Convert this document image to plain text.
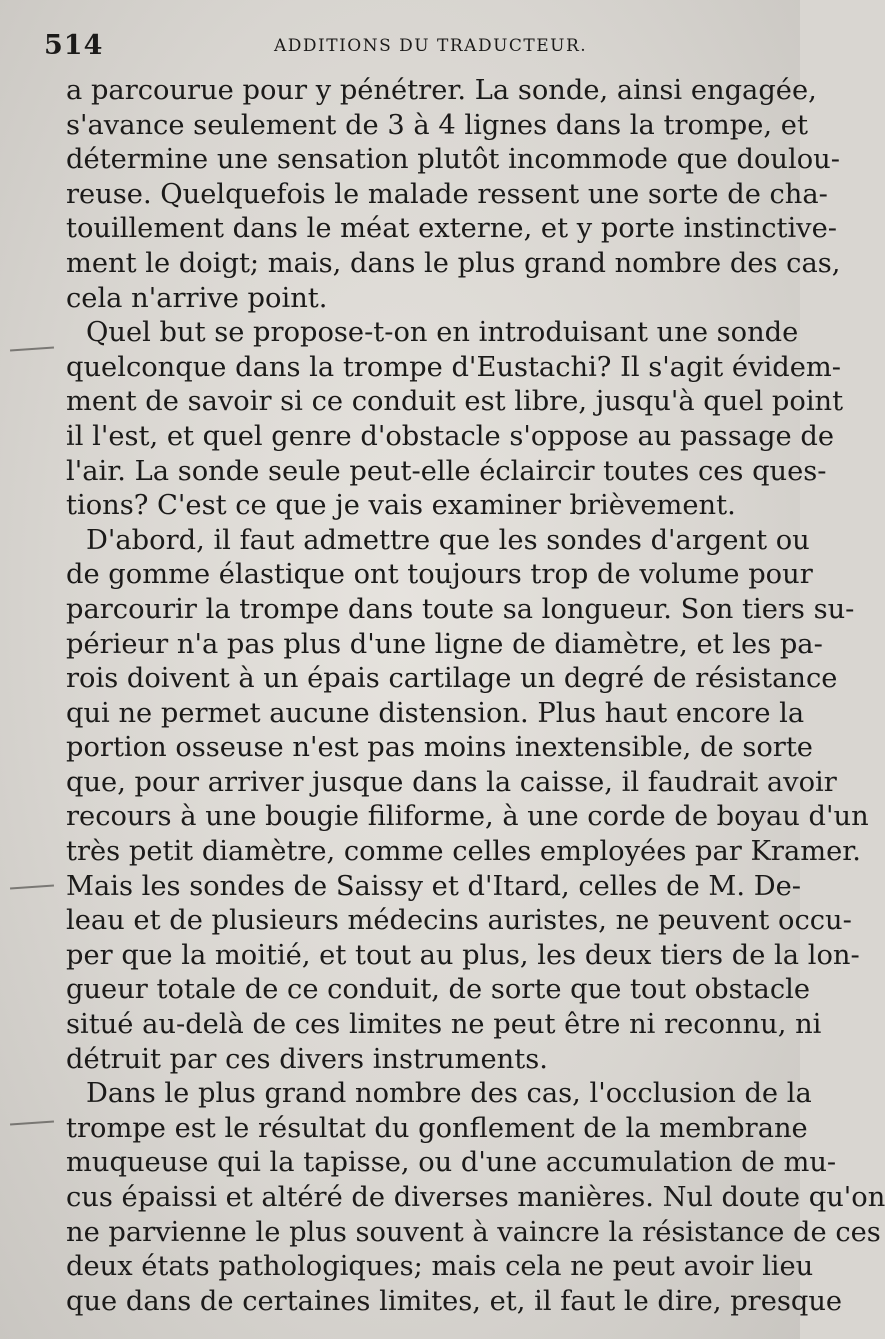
514	ADDITIONS DU TRADUCTEUR.
a parcourue pour y pénétrer. La sonde, ainsi engagée,
s'avance seulement de 3 à 4 lignes dans la trompe, et
détermine une sensation plutôt incommode que doulou-
reuse. Quelquefois le malade ressent une sorte de cha-
touillement dans le méat externe, et y porte instinctive-
ment le doigt; mais, dans le plus grand nombre des cas,
cela n'arrive point.
Quel but se propose-t-on en introduisant une sonde
quelconque dans la trompe d'Eustachi? Il s'agit évidem-
ment de savoir si ce conduit est libre, jusqu'à quel point
il l'est, et quel genre d'obstacle s'oppose au passage de
l'air. La sonde seule peut-elle éclaircir toutes ces ques-
tions? C'est ce que je vais examiner brièvement.
D'abord, il faut admettre que les sondes d'argent ou
de gomme élastique ont toujours trop de volume pour
parcourir la trompe dans toute sa longueur. Son tiers su-
périeur n'a pas plus d'une ligne de diamètre, et les pa-
rois doivent à un épais cartilage un degré de résistance
qui ne permet aucune distension. Plus haut encore la
portion osseuse n'est pas moins inextensible, de sorte
que, pour arriver jusque dans la caisse, il faudrait avoir
recours à une bougie filiforme, à une corde de boyau d'un
très petit diamètre, comme celles employées par Kramer.
Mais les sondes de Saissy et d'Itard, celles de M. De-
leau et de plusieurs médecins auristes, ne peuvent occu-
per que la moitié, et tout au plus, les deux tiers de la lon-
gueur totale de ce conduit, de sorte que tout obstacle
situé au-delà de ces limites ne peut être ni reconnu, ni
détruit par ces divers instruments.
Dans le plus grand nombre des cas, l'occlusion de la
trompe est le résultat du gonflement de la membrane
muqueuse qui la tapisse, ou d'une accumulation de mu-
cus épaissi et altéré de diverses manières. Nul doute qu'on
ne parvienne le plus souvent à vaincre la résistance de ces
deux états pathologiques; mais cela ne peut avoir lieu
que dans de certaines limites, et, il faut le dire, presque
